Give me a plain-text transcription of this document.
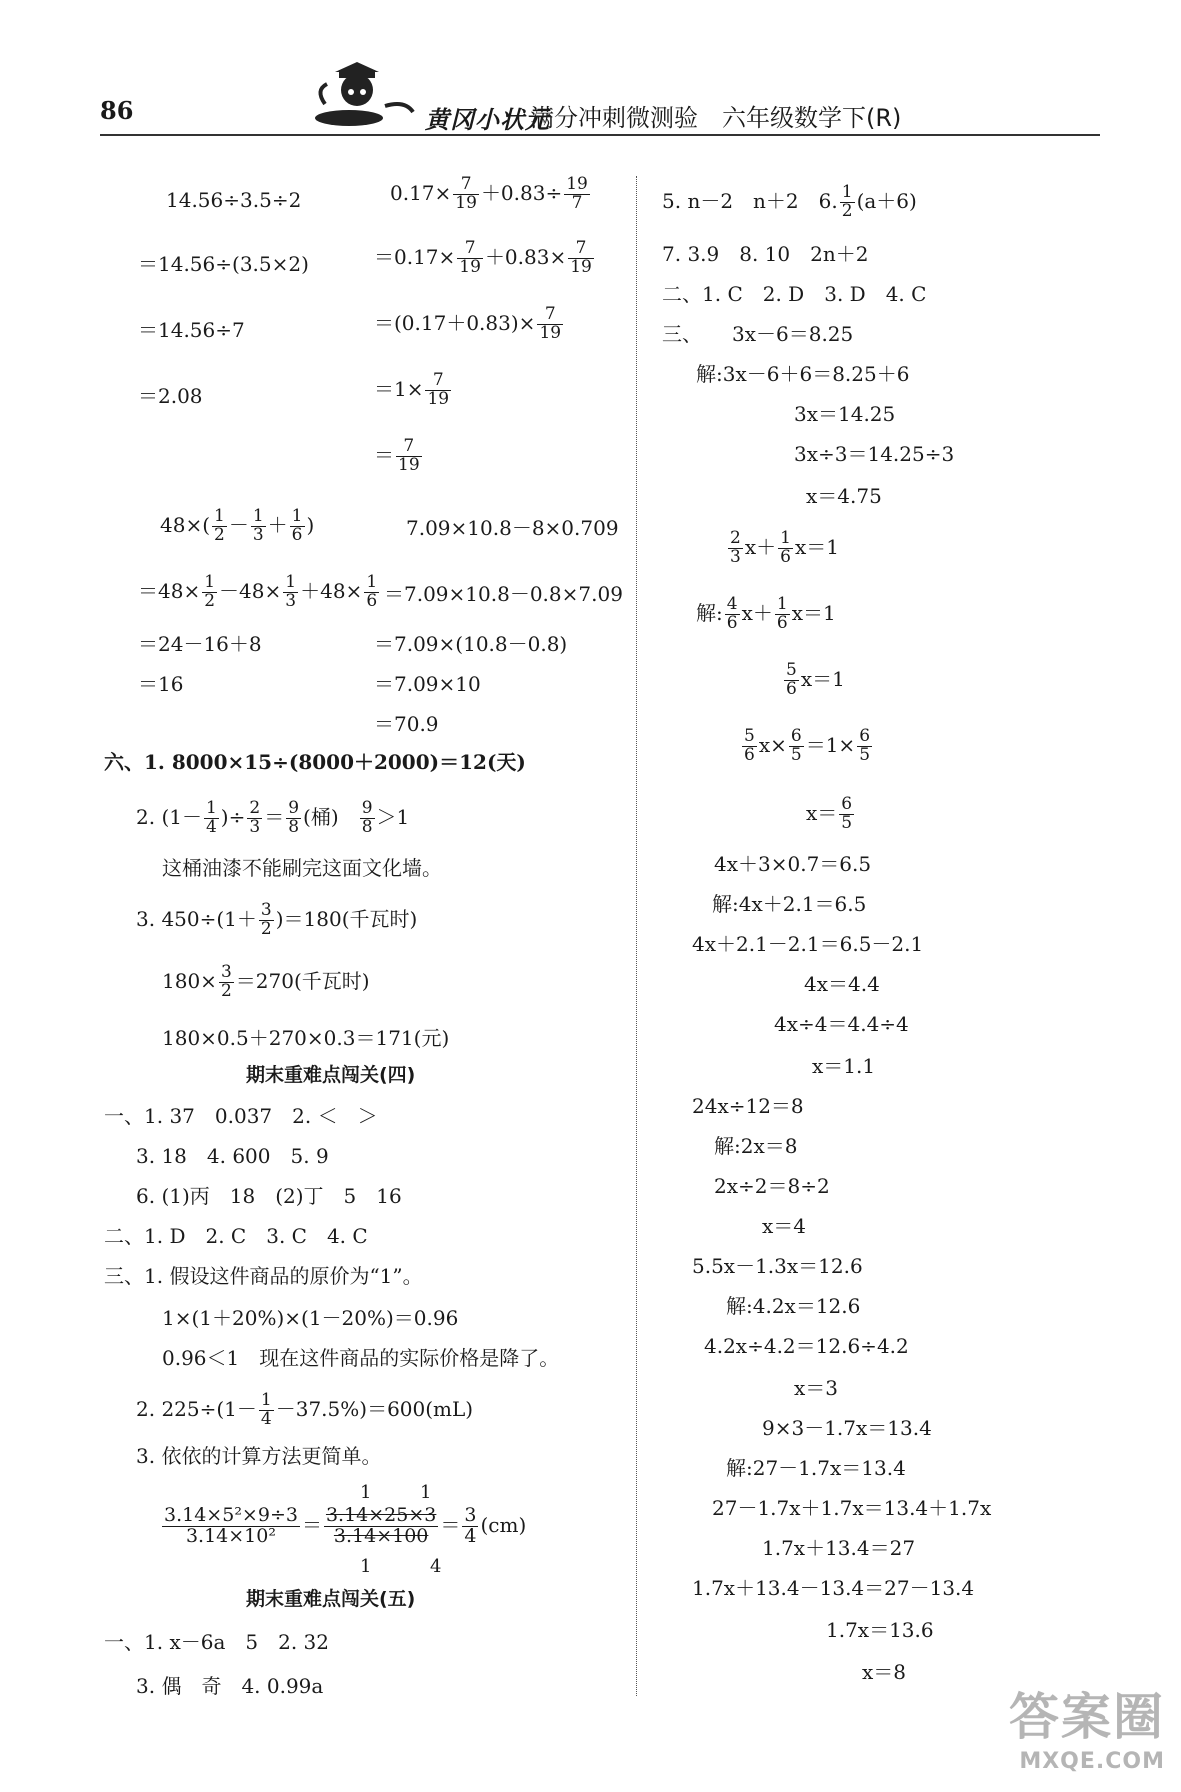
86	黄冈小状元
满分冲刺微测验　六年级数学下(R)
14.56÷3.5÷2
＝14.56÷(3.5×2)
＝14.56÷7
＝2.08
$0.17\times \frac{7}{19} +0.83\div \frac{19}{7}$
$=0.17\times \frac{7}{19} +0.83\times \frac{7}{19}$
$=(0.17+0.83)\times \frac{7}{19}$
$=1\times \frac{7}{19}$
＝ $\frac{7}{19}$
$48\times( \frac{1}{2} - \frac{1}{3} + \frac{1}{6}$ )
$=48\times \frac{1}{2} -48\times \frac{1}{3} +48\times \frac{1}{6}$
＝24－16＋8
＝16
7.09×10.8－8×0.709
＝7.09×10.8－0.8×7.09
＝7.09×(10.8－0.8)
＝7.09×10
＝70.9
六、1. 8000×15÷(8000＋2000)＝12(天)
2. ($1- \frac{1}{4}$ )÷ $\frac{2}{3} = \frac{9}{8}$ (桶) $\frac{9}{8} >1$
这桶油漆不能刷完这面文化墙。
3. $450\div(1+ \frac{3}{2} )=180$(千瓦时)
$180\times \frac{3}{2} =270$(千瓦时)
180×0.5＋270×0.3＝171(元)
期末重难点闯关(四)
一、1. 37　0.037　2. ＜　＞
3. 18　4. 600　5. 9
6. (1)丙　18　(2)丁　5　16
二、1. D　2. C　3. C　4. C
三、1. 假设这件商品的原价为“1”。
1×(1＋20%)×(1－20%)＝0.96
0.96＜1　现在这件商品的实际价格是降了。
2. $225\div(1- \frac{1}{4} -37.5\%)=600(mL)$
3. 依依的计算方法更简单。
1	1
$\frac{\text{3.14×5²×9÷3}}{\text{3.14×10²}} = \frac{3.14\times 25\times 3}{3.14\times 100} = \frac{3}{4} (cm)$
1	4
期末重难点闯关(五)
一、1. x－6a　5　2. 32
3. 偶　奇　4. 0.99a
5. n－2　n＋2　6. $\frac{1}{2} (a+6)$
7. 3.9　8. 10　2n＋2
二、1. C　2. D　3. D　4. C
三、　　3x－6＝8.25
解:3x－6＋6＝8.25＋6
3x＝14.25
3x÷3＝14.25÷3
x＝4.75
$\frac{2}{3} x+ \frac{1}{6} x=1$
解: $\frac{4}{6} x+ \frac{1}{6} x=1$
$\frac{5}{6} x=1$
$\frac{5}{6} x\times \frac{6}{5} =1\times \frac{6}{5}$
$x= \frac{6}{5}$
4x＋3×0.7＝6.5
解:4x＋2.1＝6.5
4x＋2.1－2.1＝6.5－2.1
4x＝4.4
4x÷4＝4.4÷4
x＝1.1
24x÷12＝8
解:2x＝8
2x÷2＝8÷2
x＝4
5.5x－1.3x＝12.6
解:4.2x＝12.6
4.2x÷4.2＝12.6÷4.2
x＝3
9×3－1.7x＝13.4
解:27－1.7x＝13.4
27－1.7x＋1.7x＝13.4＋1.7x
1.7x＋13.4＝27
1.7x＋13.4－13.4＝27－13.4
1.7x＝13.6
x＝8
答案圈
MXQE.COM
